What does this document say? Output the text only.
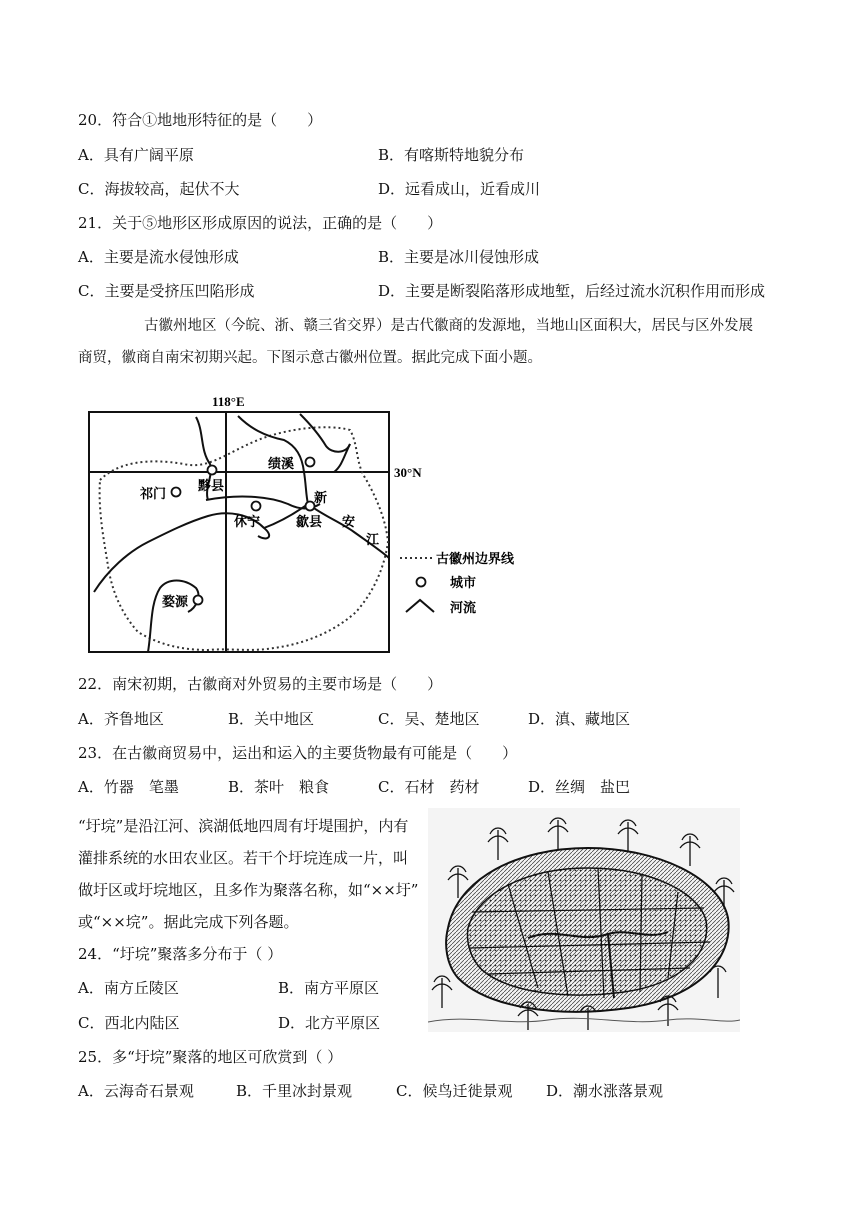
20．符合①地地形特征的是（　　）
A．具有广阔平原	B．有喀斯特地貌分布
C．海拔较高，起伏不大	D．远看成山，近看成川
21．关于⑤地形区形成原因的说法，正确的是（　　）
A．主要是流水侵蚀形成	B．主要是冰川侵蚀形成
C．主要是受挤压凹陷形成	D．主要是断裂陷落形成地堑，后经过流水沉积作用而形成
古徽州地区（今皖、浙、赣三省交界）是古代徽商的发源地，当地山区面积大，居民与区外发展
商贸，徽商自南宋初期兴起。下图示意古徽州位置。据此完成下面小题。
118°E
30°N
绩溪
黟县
祁门
休宁	歙县
婺源
新
安
江
古徽州边界线
城市
河流
22．南宋初期，古徽商对外贸易的主要市场是（　　）
A．齐鲁地区	B．关中地区	C．吴、楚地区	D．滇、藏地区
23．在古徽商贸易中，运出和运入的主要货物最有可能是（　　）
A．竹器　笔墨	B．茶叶　粮食	C．石材　药材	D．丝绸　盐巴
“圩垸”是沿江河、滨湖低地四周有圩堤围护，内有
灌排系统的水田农业区。若干个圩垸连成一片，叫
做圩区或圩垸地区，且多作为聚落名称，如“××圩”
或“××垸”。据此完成下列各题。
24．“圩垸”聚落多分布于（ ）
A．南方丘陵区	B．南方平原区
C．西北内陆区	D．北方平原区
25．多“圩垸”聚落的地区可欣赏到（ ）
A．云海奇石景观	B．千里冰封景观	C．候鸟迁徙景观 D．潮水涨落景观
